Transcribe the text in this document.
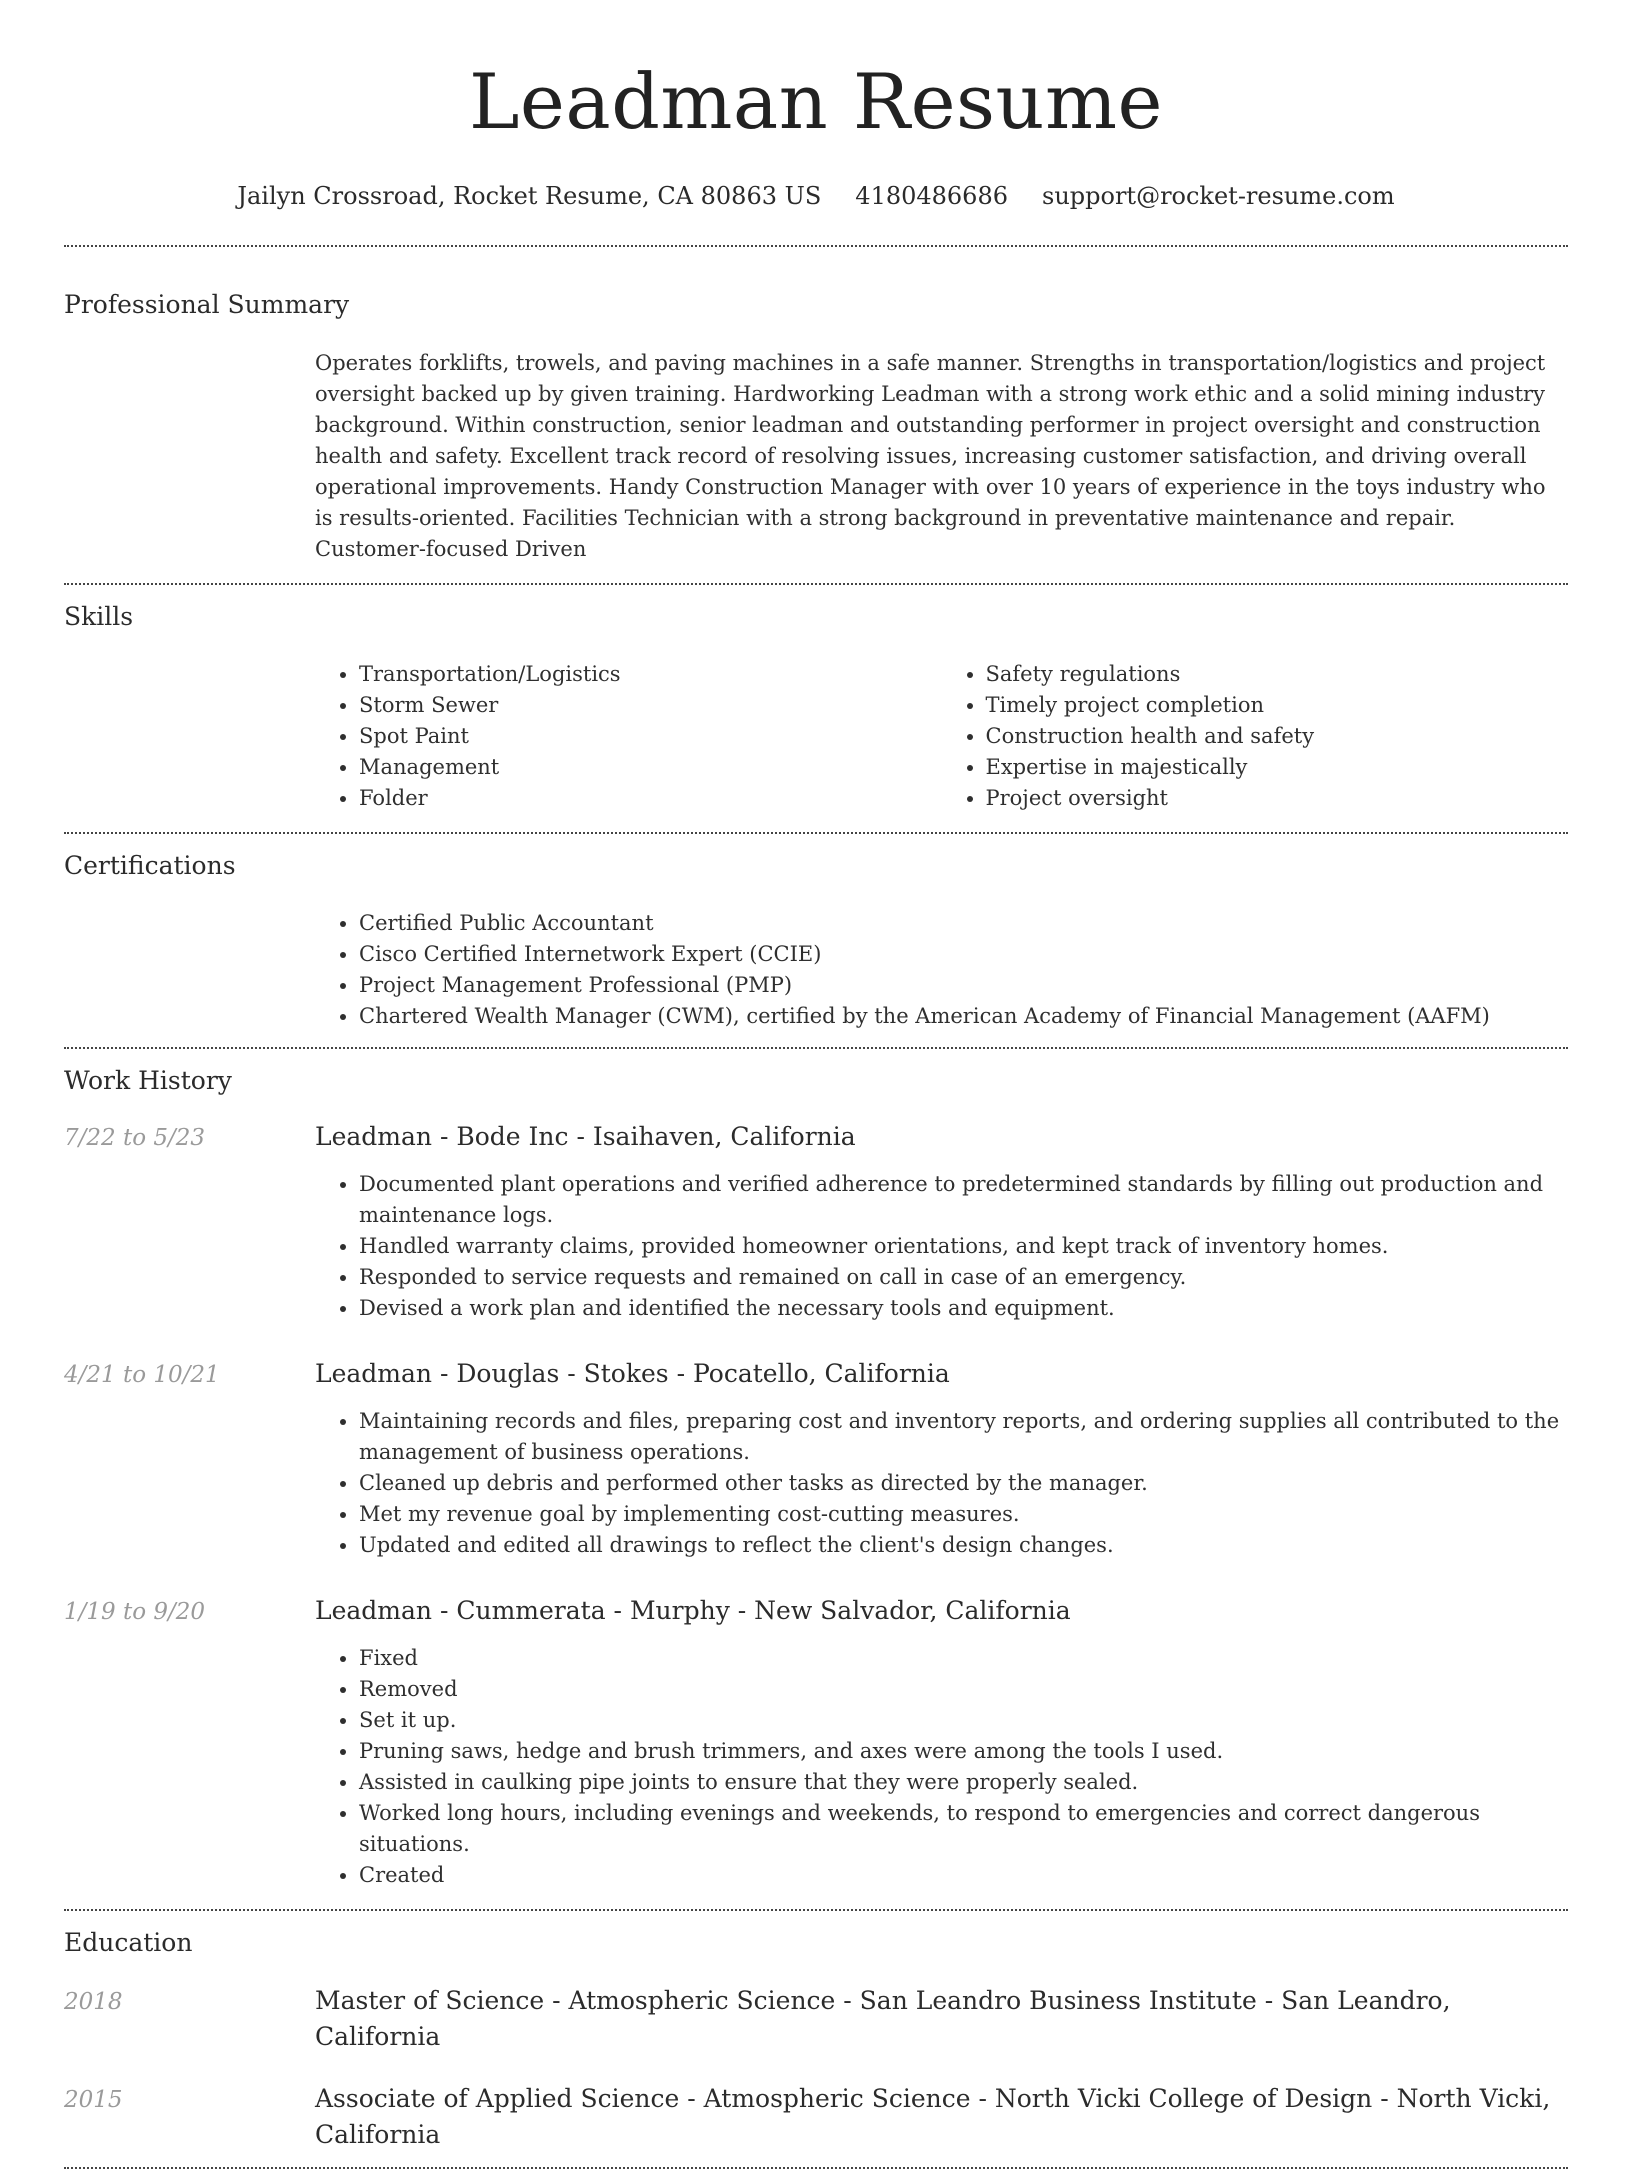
Leadman Resume
Jailyn Crossroad, Rocket Resume, CA 80863 US 4180486686 support@rocket-resume.com
Professional Summary
Operates forklifts, trowels, and paving machines in a safe manner. Strengths in transportation/logistics and project oversight backed up by given training. Hardworking Leadman with a strong work ethic and a solid mining industry background. Within construction, senior leadman and outstanding performer in project oversight and construction health and safety. Excellent track record of resolving issues, increasing customer satisfaction, and driving overall operational improvements. Handy Construction Manager with over 10 years of experience in the toys industry who is results-oriented. Facilities Technician with a strong background in preventative maintenance and repair. Customer-focused Driven
Skills
• Transportation/Logistics
• Storm Sewer
• Spot Paint
• Management
• Folder
• Safety regulations
• Timely project completion
• Construction health and safety
• Expertise in majestically
• Project oversight
Certifications
• Certified Public Accountant
• Cisco Certified Internetwork Expert (CCIE)
• Project Management Professional (PMP)
• Chartered Wealth Manager (CWM), certified by the American Academy of Financial Management (AAFM)
Work History
7/22 to 5/23	Leadman - Bode Inc - Isaihaven, California
• Documented plant operations and verified adherence to predetermined standards by filling out production and maintenance logs.
• Handled warranty claims, provided homeowner orientations, and kept track of inventory homes.
• Responded to service requests and remained on call in case of an emergency.
• Devised a work plan and identified the necessary tools and equipment.
4/21 to 10/21	Leadman - Douglas - Stokes - Pocatello, California
• Maintaining records and files, preparing cost and inventory reports, and ordering supplies all contributed to the management of business operations.
• Cleaned up debris and performed other tasks as directed by the manager.
• Met my revenue goal by implementing cost-cutting measures.
• Updated and edited all drawings to reflect the client's design changes.
1/19 to 9/20	Leadman - Cummerata - Murphy - New Salvador, California
• Fixed
• Removed
• Set it up.
• Pruning saws, hedge and brush trimmers, and axes were among the tools I used.
• Assisted in caulking pipe joints to ensure that they were properly sealed.
• Worked long hours, including evenings and weekends, to respond to emergencies and correct dangerous situations.
• Created
Education
2018	Master of Science - Atmospheric Science - San Leandro Business Institute - San Leandro, California
2015	Associate of Applied Science - Atmospheric Science - North Vicki College of Design - North Vicki, California
